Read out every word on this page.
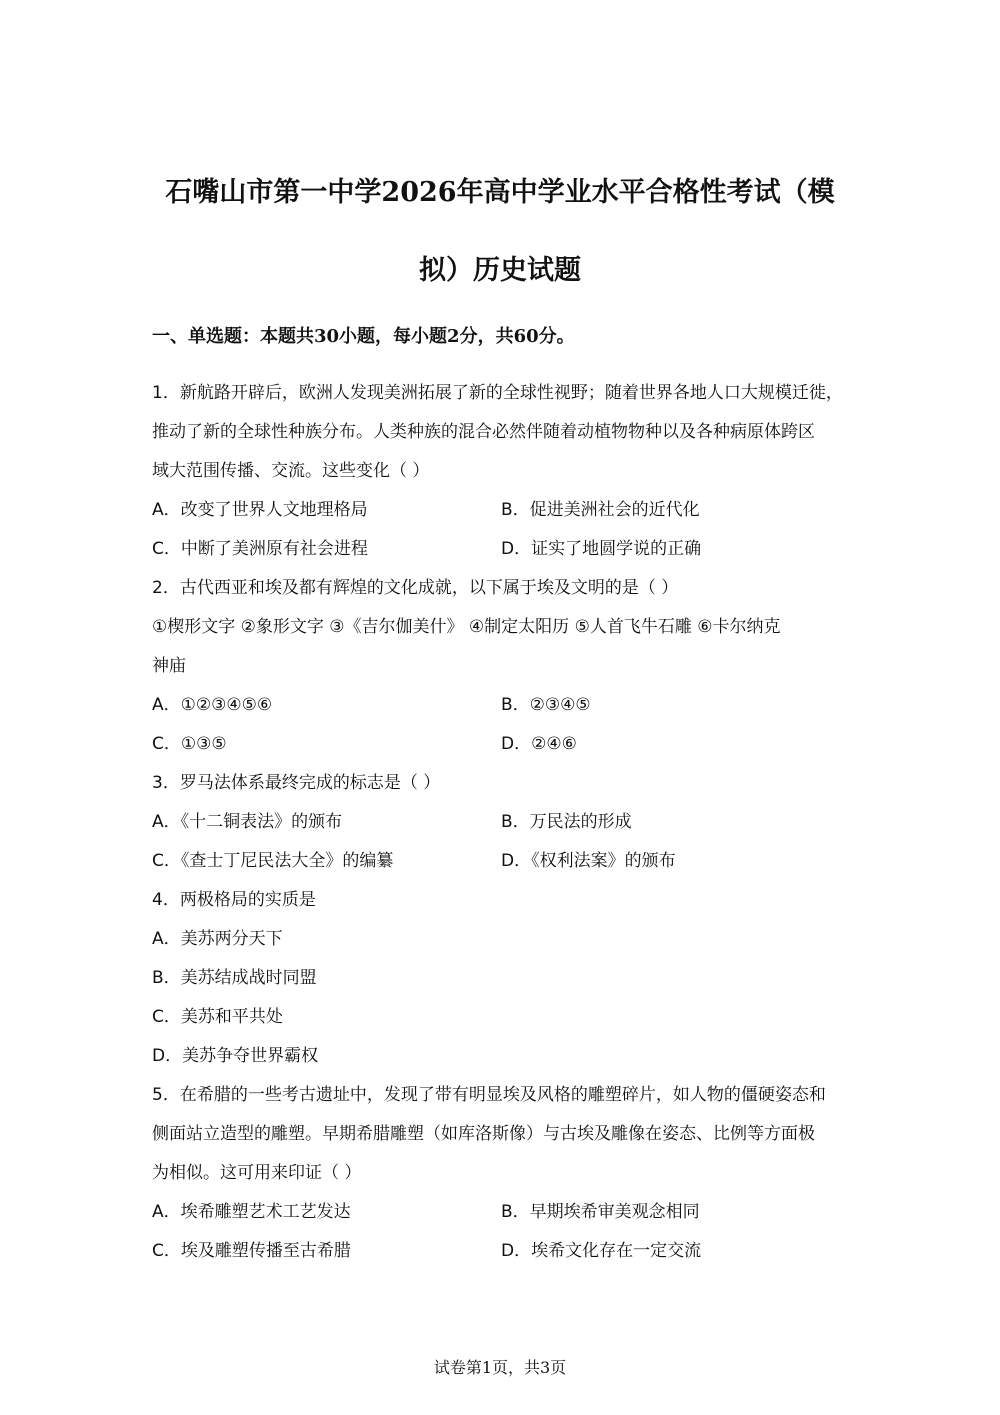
石嘴山市第一中学2026年高中学业水平合格性考试（模
拟）历史试题
一、单选题：本题共30小题，每小题2分，共60分。
1．新航路开辟后，欧洲人发现美洲拓展了新的全球性视野；随着世界各地人口大规模迁徙，
推动了新的全球性种族分布。人类种族的混合必然伴随着动植物物种以及各种病原体跨区
域大范围传播、交流。这些变化（ ）
A．改变了世界人文地理格局	B．促进美洲社会的近代化
C．中断了美洲原有社会进程	D．证实了地圆学说的正确
2．古代西亚和埃及都有辉煌的文化成就，以下属于埃及文明的是（ ）
①楔形文字 ②象形文字 ③《吉尔伽美什》 ④制定太阳历 ⑤人首飞牛石雕 ⑥卡尔纳克
神庙
A．①②③④⑤⑥	B．②③④⑤
C．①③⑤	D．②④⑥
3．罗马法体系最终完成的标志是（ ）
A．《十二铜表法》的颁布	B．万民法的形成
C．《查士丁尼民法大全》的编纂	D．《权利法案》的颁布
4．两极格局的实质是
A．美苏两分天下
B．美苏结成战时同盟
C．美苏和平共处
D．美苏争夺世界霸权
5．在希腊的一些考古遗址中，发现了带有明显埃及风格的雕塑碎片，如人物的僵硬姿态和
侧面站立造型的雕塑。早期希腊雕塑（如库洛斯像）与古埃及雕像在姿态、比例等方面极
为相似。这可用来印证（ ）
A．埃希雕塑艺术工艺发达	B．早期埃希审美观念相同
C．埃及雕塑传播至古希腊	D．埃希文化存在一定交流
试卷第1页，共3页
